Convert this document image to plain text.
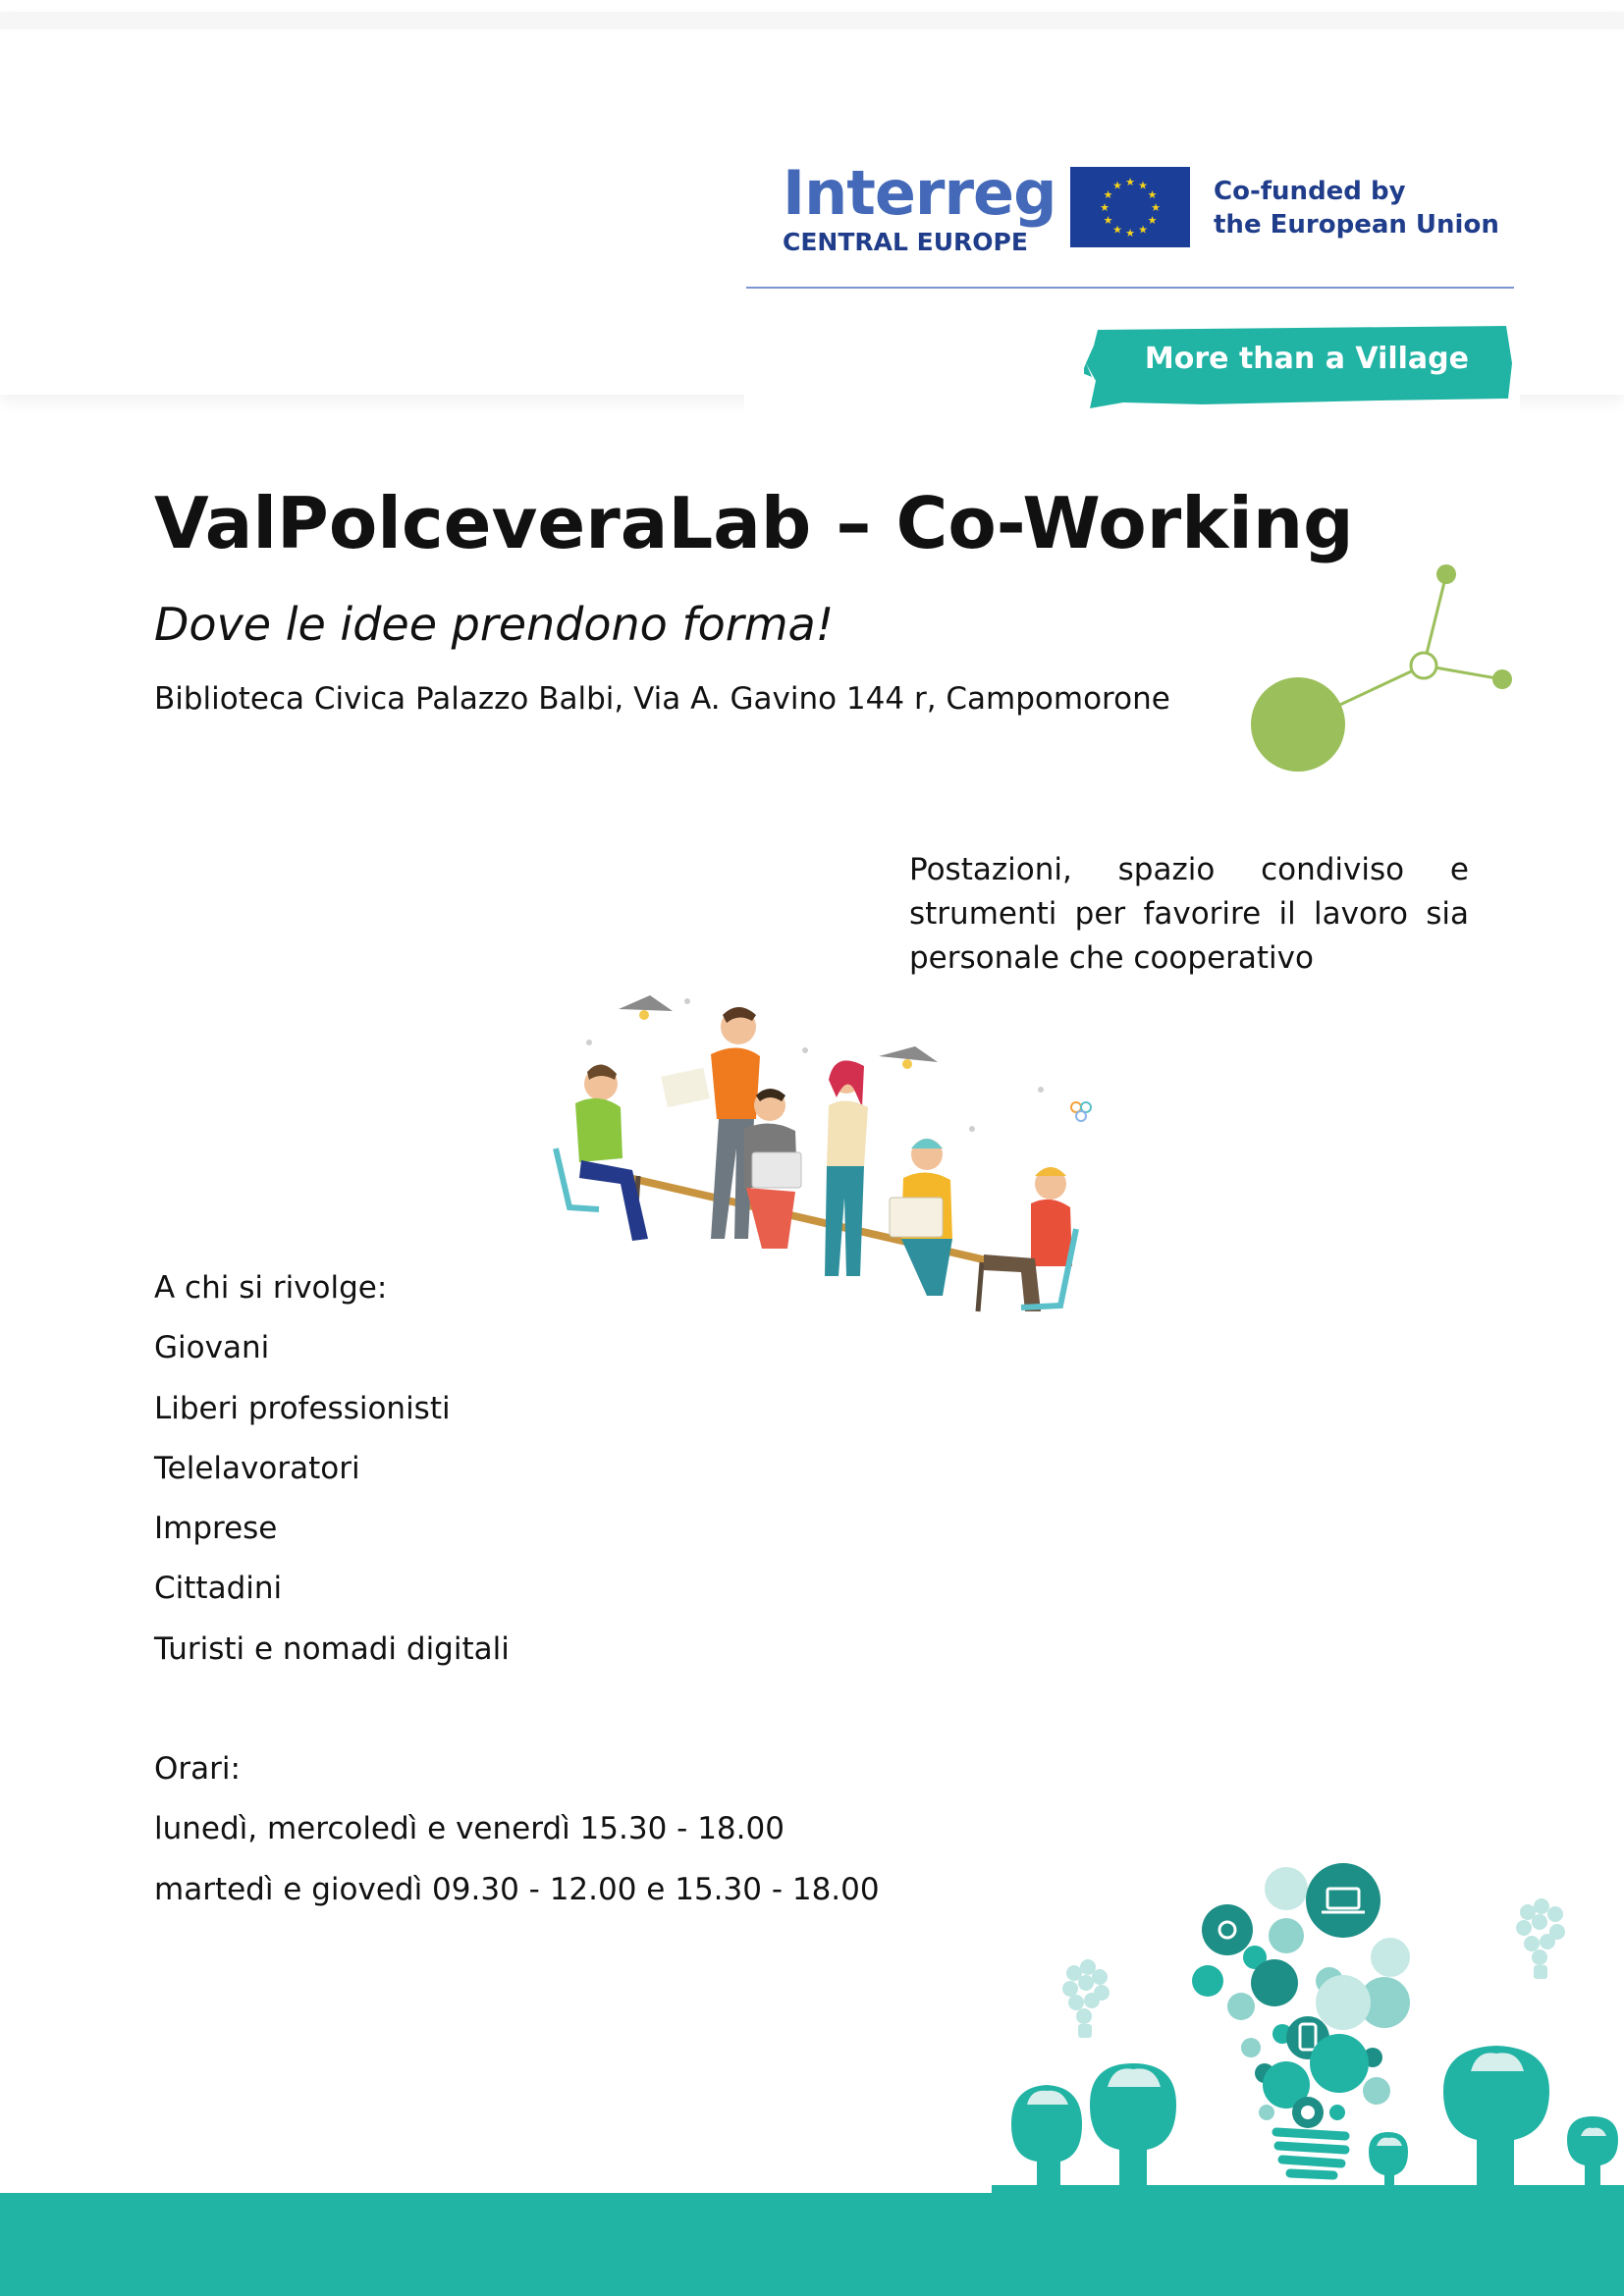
Interreg
CENTRAL EUROPE
★ ★
★
★
★
★
★
★
★
★
★
★	Co-funded by
the European Union
More than a Village
ValPolceveraLab – Co-Working
Dove le idee prendono forma!
Biblioteca Civica Palazzo Balbi, Via A. Gavino 144 r, Campomorone

Postazioni, spazio condiviso e strumenti per favorire il lavoro sia personale che cooperativo

A chi si rivolge:
Giovani
Liberi professionisti
Telelavoratori
Imprese
Cittadini
Turisti e nomadi digitali
Orari:
lunedì, mercoledì e venerdì 15.30 - 18.00
martedì e giovedì 09.30 - 12.00 e 15.30 - 18.00
